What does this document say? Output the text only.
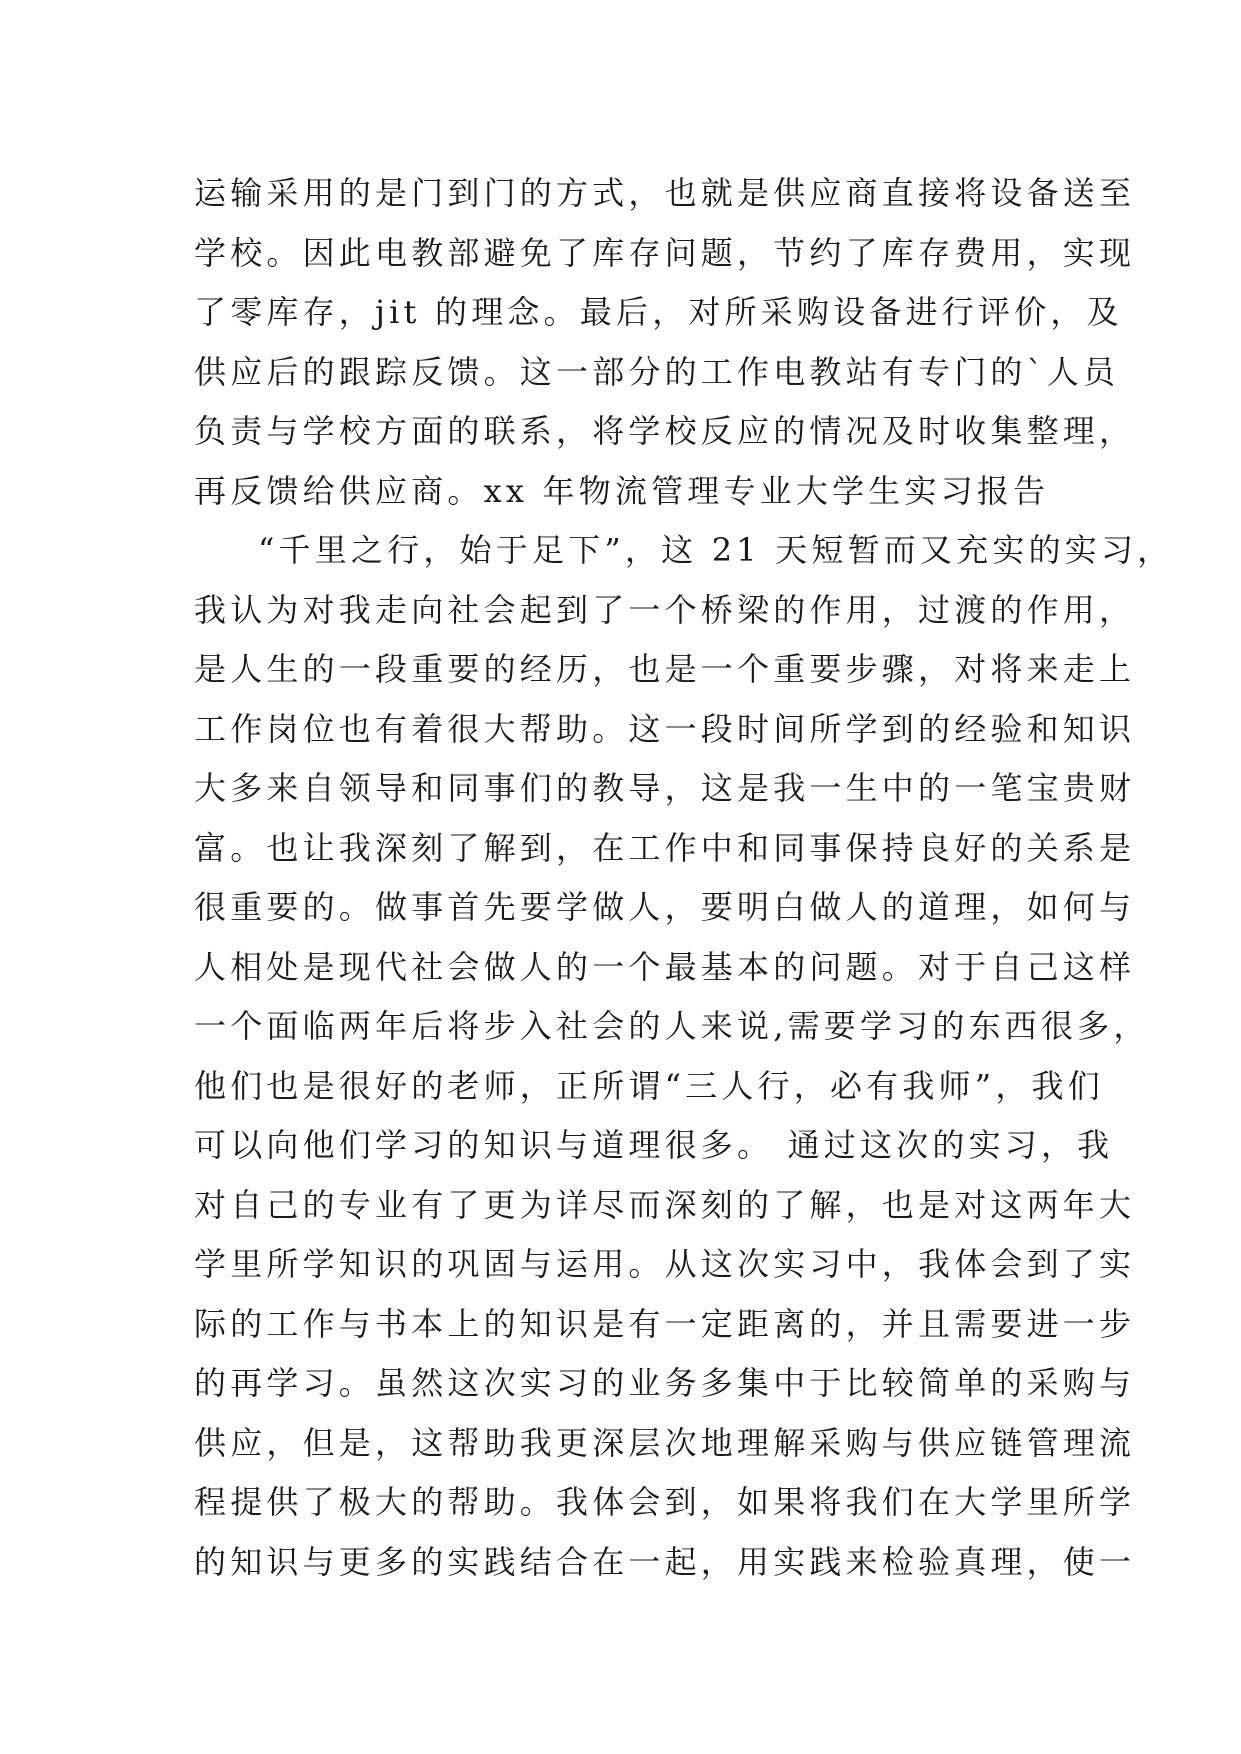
运输采用的是门到门的方式，也就是供应商直接将设备送至
学校。因此电教部避免了库存问题，节约了库存费用，实现
了零库存，jit 的理念。最后，对所采购设备进行评价，及
供应后的跟踪反馈。这一部分的工作电教站有专门的`人员
负责与学校方面的联系，将学校反应的情况及时收集整理，
再反馈给供应商。xx 年物流管理专业大学生实习报告
“千里之行，始于足下”，这 21 天短暂而又充实的实习，
我认为对我走向社会起到了一个桥梁的作用，过渡的作用，
是人生的一段重要的经历，也是一个重要步骤，对将来走上
工作岗位也有着很大帮助。这一段时间所学到的经验和知识
大多来自领导和同事们的教导，这是我一生中的一笔宝贵财
富。也让我深刻了解到，在工作中和同事保持良好的关系是
很重要的。做事首先要学做人，要明白做人的道理，如何与
人相处是现代社会做人的一个最基本的问题。对于自己这样
一个面临两年后将步入社会的人来说,需要学习的东西很多，
他们也是很好的老师，正所谓“三人行，必有我师”，我们
可以向他们学习的知识与道理很多。 通过这次的实习，我
对自己的专业有了更为详尽而深刻的了解，也是对这两年大
学里所学知识的巩固与运用。从这次实习中，我体会到了实
际的工作与书本上的知识是有一定距离的，并且需要进一步
的再学习。虽然这次实习的业务多集中于比较简单的采购与
供应，但是，这帮助我更深层次地理解采购与供应链管理流
程提供了极大的帮助。我体会到，如果将我们在大学里所学
的知识与更多的实践结合在一起，用实践来检验真理，使一
